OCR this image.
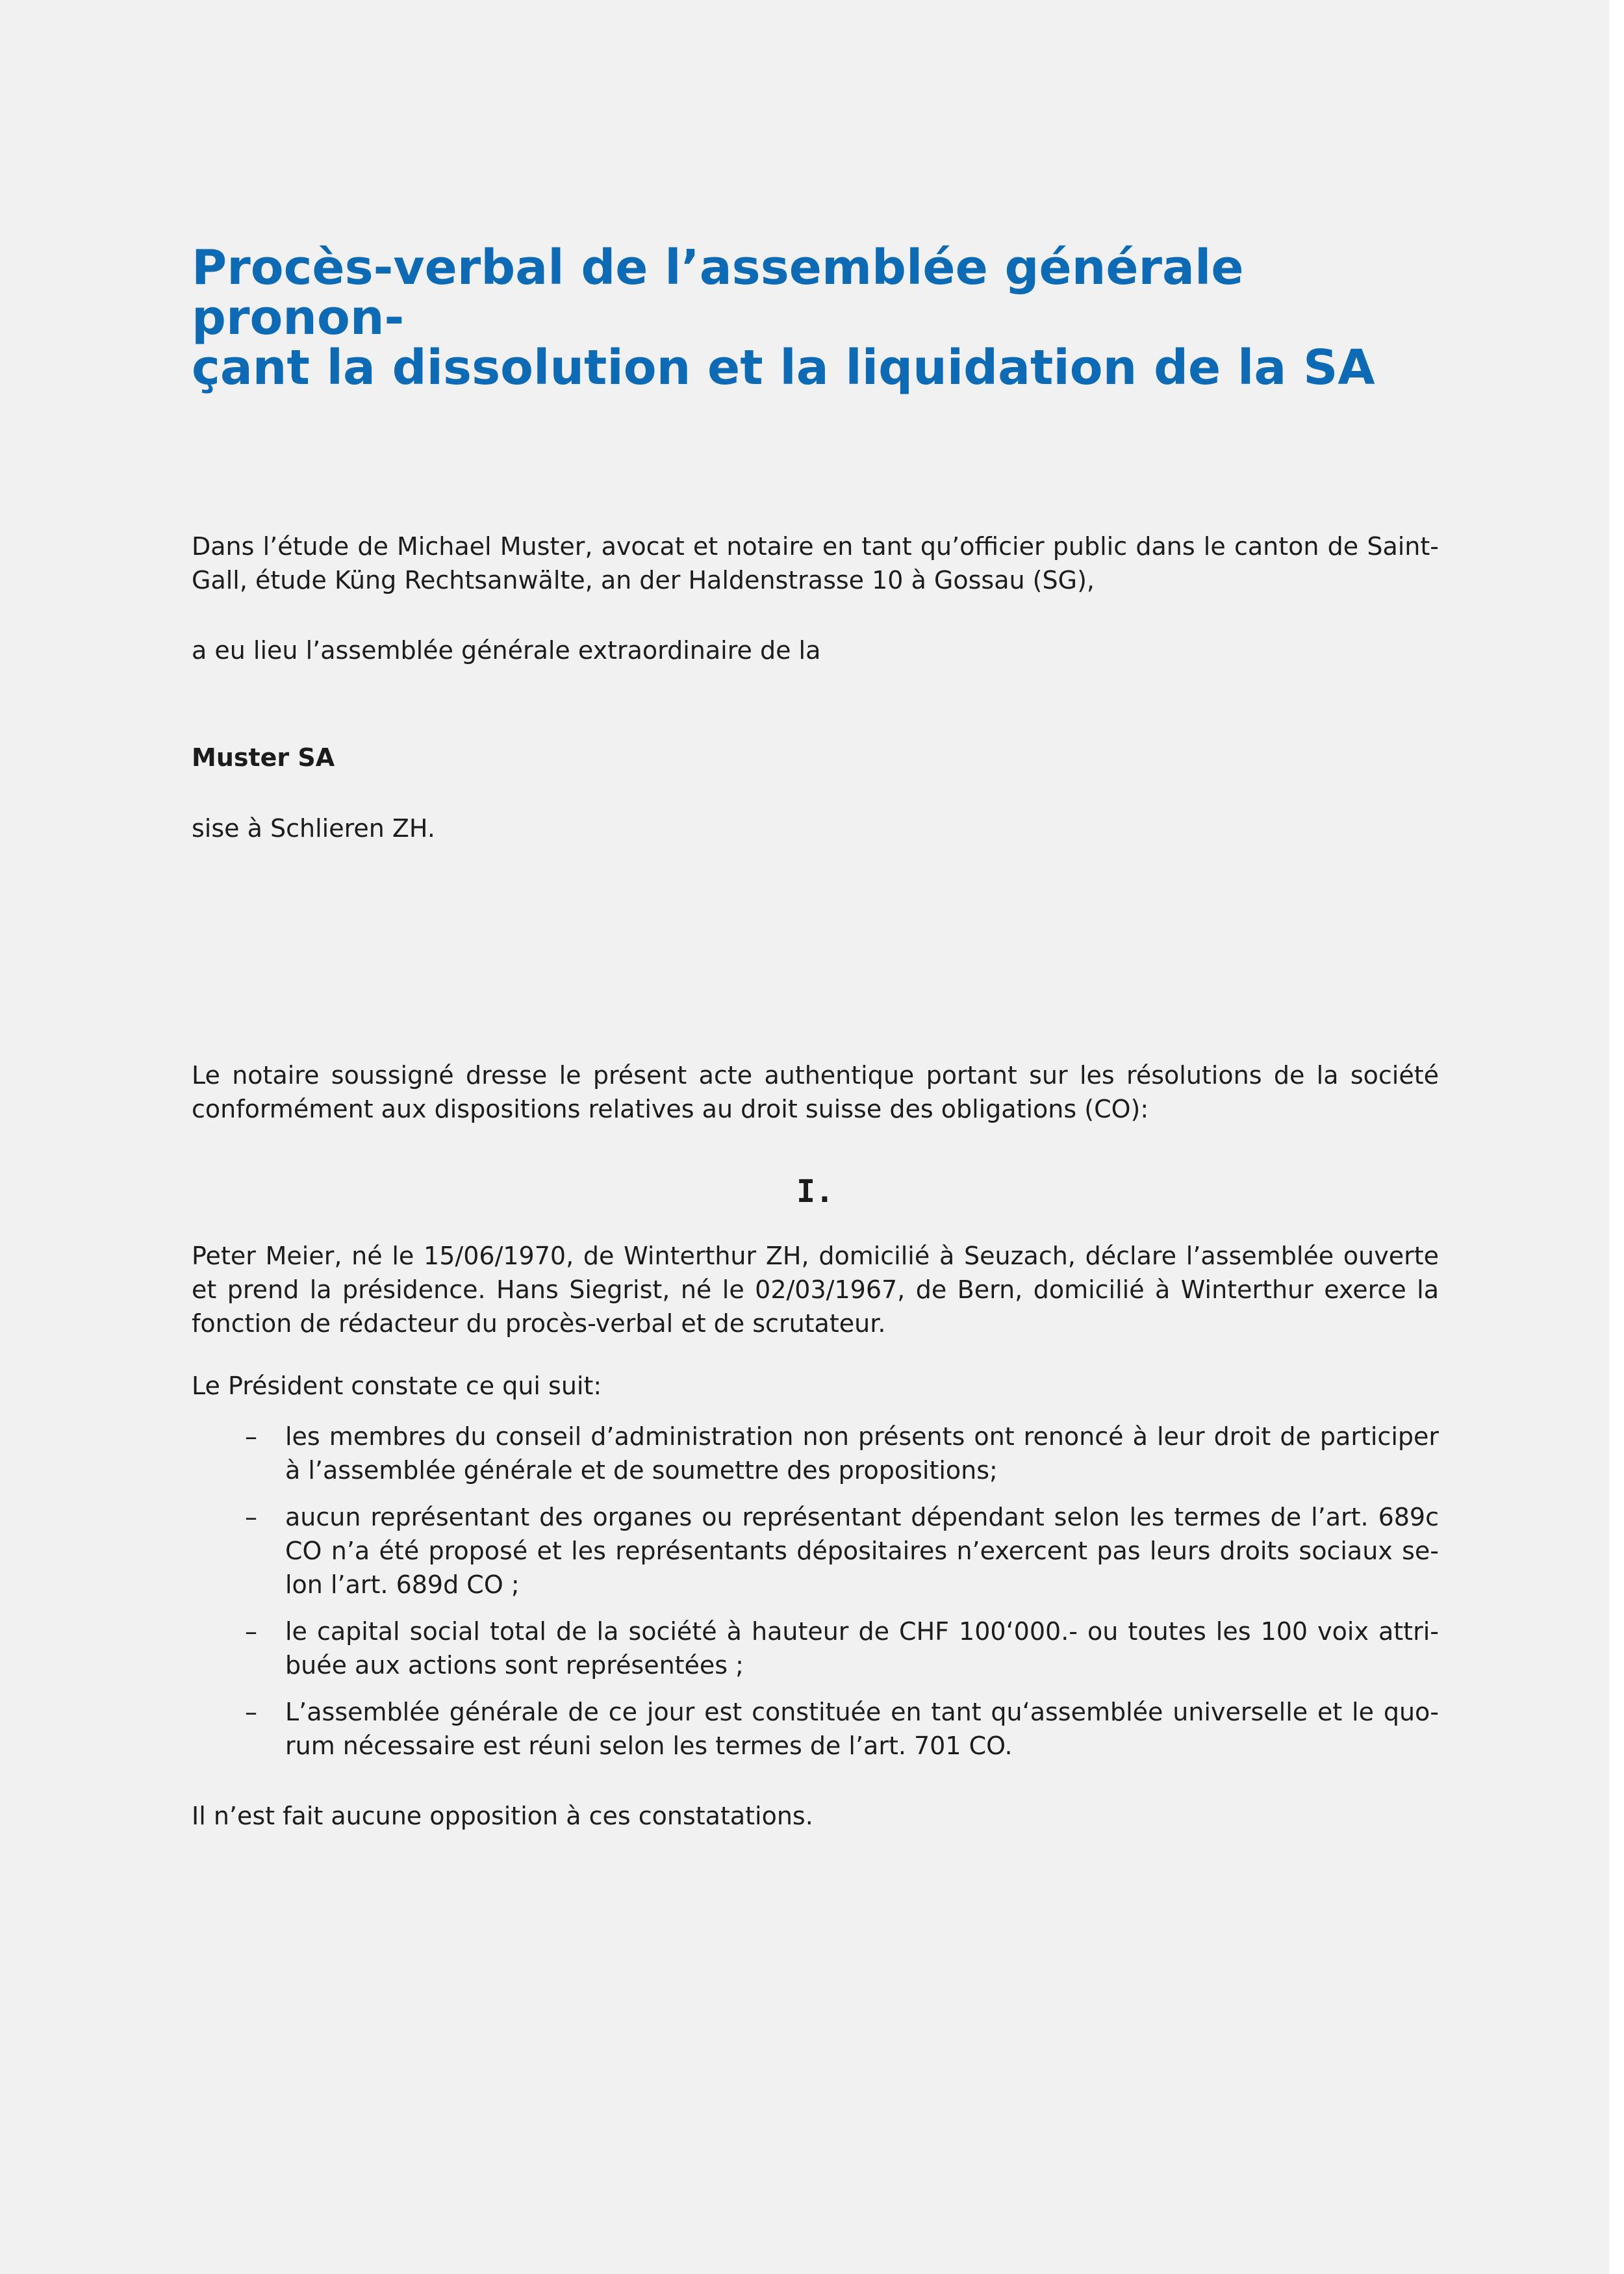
Procès-verbal de l’assemblée générale pronon-
çant la dissolution et la liquidation de la SA

Dans l’étude de Michael Muster, avocat et notaire en tant qu’officier public dans le canton de Saint-Gall, étude Küng Rechtsanwälte, an der Haldenstrasse 10 à Gossau (SG),

a eu lieu l’assemblée générale extraordinaire de la

Muster SA

sise à Schlieren ZH.

Le notaire soussigné dresse le présent acte authentique portant sur les résolutions de la société conformément aux dispositions relatives au droit suisse des obligations (CO):

I.

Peter Meier, né le 15/06/1970, de Winterthur ZH, domicilié à Seuzach, déclare l’assemblée ouverte et prend la présidence. Hans Siegrist, né le 02/03/1967, de Bern, domicilié à Winterthur exerce la fonction de rédacteur du procès-verbal et de scrutateur.

Le Président constate ce qui suit:

–	les membres du conseil d’administration non présents ont renoncé à leur droit de participer à l’assemblée générale et de soumettre des propositions;
–	aucun représentant des organes ou représentant dépendant selon les termes de l’art. 689c CO n’a été proposé et les représentants dépositaires n’exercent pas leurs droits sociaux selon l’art. 689d CO ;
–	le capital social total de la société à hauteur de CHF 100‘000.- ou toutes les 100 voix attribuée aux actions sont représentées ;
–	L’assemblée générale de ce jour est constituée en tant qu‘assemblée universelle et le quorum nécessaire est réuni selon les termes de l’art. 701 CO.

Il n’est fait aucune opposition à ces constatations.
